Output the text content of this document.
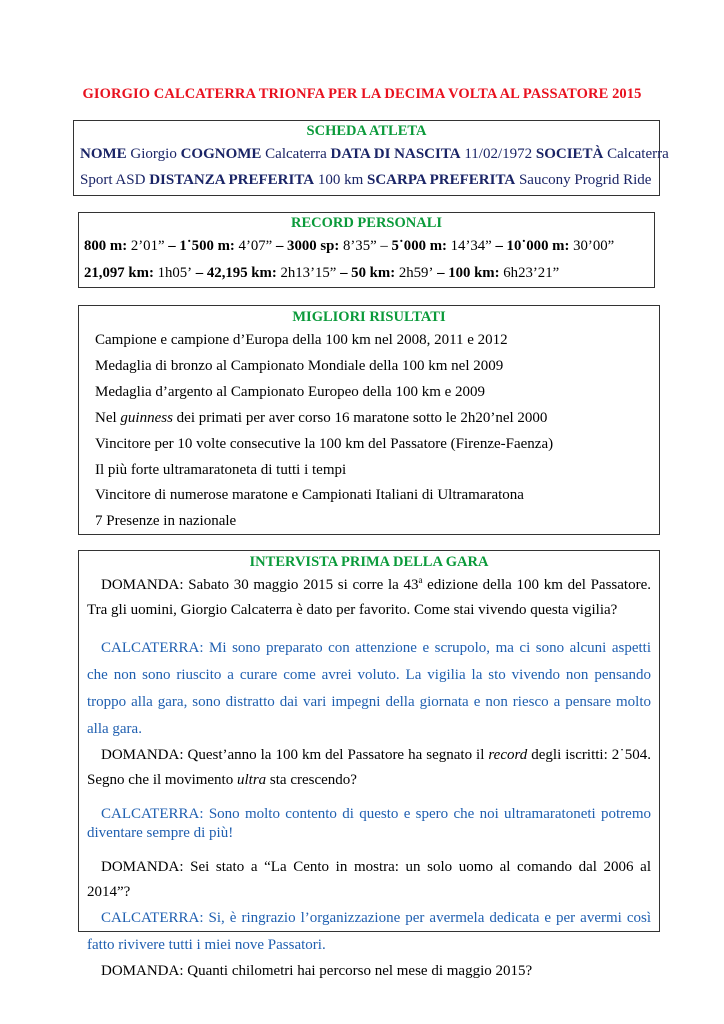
GIORGIO CALCATERRA TRIONFA PER LA DECIMA VOLTA AL PASSATORE 2015
SCHEDA ATLETA
NOME Giorgio COGNOME Calcaterra DATA DI NASCITA 11/02/1972 SOCIETÀ Calcaterra
Sport ASD DISTANZA PREFERITA 100 km SCARPA PREFERITA Saucony Progrid Ride
RECORD PERSONALI
800 m: 2’01” – 1˙500 m: 4’07” – 3000 sp: 8’35” – 5˙000 m: 14’34” – 10˙000 m: 30’00”
21,097 km: 1h05’ – 42,195 km: 2h13’15” – 50 km: 2h59’ – 100 km: 6h23’21”
MIGLIORI RISULTATI
Campione e campione d’Europa della 100 km nel 2008, 2011 e 2012
Medaglia di bronzo al Campionato Mondiale della 100 km nel 2009
Medaglia d’argento al Campionato Europeo della 100 km e 2009
Nel guinness dei primati per aver corso 16 maratone sotto le 2h20’nel 2000
Vincitore per 10 volte consecutive la 100 km del Passatore (Firenze-Faenza)
Il più forte ultramaratoneta di tutti i tempi
Vincitore di numerose maratone e Campionati Italiani di Ultramaratona
7 Presenze in nazionale
INTERVISTA PRIMA DELLA GARA
DOMANDA: Sabato 30 maggio 2015 si corre la 43$^a$ edizione della 100 km del Passatore. Tra gli uomini, Giorgio Calcaterra è dato per favorito. Come stai vivendo questa vigilia?
CALCATERRA: Mi sono preparato con attenzione e scrupolo, ma ci sono alcuni aspetti che non sono riuscito a curare come avrei voluto. La vigilia la sto vivendo non pensando troppo alla gara, sono distratto dai vari impegni della giornata e non riesco a pensare molto alla gara.
DOMANDA: Quest’anno la 100 km del Passatore ha segnato il record degli iscritti: 2˙504. Segno che il movimento ultra sta crescendo?
CALCATERRA: Sono molto contento di questo e spero che noi ultramaratoneti potremo diventare sempre di più!
DOMANDA: Sei stato a “La Cento in mostra: un solo uomo al comando dal 2006 al 2014”?
CALCATERRA: Si, è ringrazio l’organizzazione per avermela dedicata e per avermi così fatto rivivere tutti i miei nove Passatori.
DOMANDA: Quanti chilometri hai percorso nel mese di maggio 2015?
